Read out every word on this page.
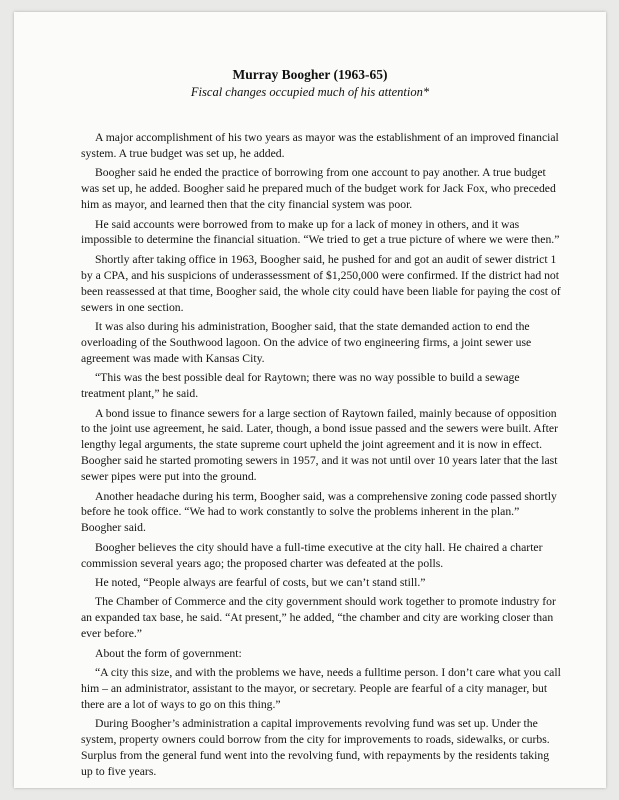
Murray Boogher (1963-65)
Fiscal changes occupied much of his attention*

A major accomplishment of his two years as mayor was the establishment of an improved financial system. A true budget was set up, he added.

Boogher said he ended the practice of borrowing from one account to pay another. A true budget was set up, he added. Boogher said he prepared much of the budget work for Jack Fox, who preceded him as mayor, and learned then that the city financial system was poor.

He said accounts were borrowed from to make up for a lack of money in others, and it was impossible to determine the financial situation. “We tried to get a true picture of where we were then.”

Shortly after taking office in 1963, Boogher said, he pushed for and got an audit of sewer district 1 by a CPA, and his suspicions of underassessment of $1,250,000 were confirmed. If the district had not been reassessed at that time, Boogher said, the whole city could have been liable for paying the cost of sewers in one section.

It was also during his administration, Boogher said, that the state demanded action to end the overloading of the Southwood lagoon. On the advice of two engineering firms, a joint sewer use agreement was made with Kansas City.

“This was the best possible deal for Raytown; there was no way possible to build a sewage treatment plant,” he said.

A bond issue to finance sewers for a large section of Raytown failed, mainly because of opposition to the joint use agreement, he said. Later, though, a bond issue passed and the sewers were built. After lengthy legal arguments, the state supreme court upheld the joint agreement and it is now in effect. Boogher said he started promoting sewers in 1957, and it was not until over 10 years later that the last sewer pipes were put into the ground.

Another headache during his term, Boogher said, was a comprehensive zoning code passed shortly before he took office. “We had to work constantly to solve the problems inherent in the plan.” Boogher said.

Boogher believes the city should have a full-time executive at the city hall. He chaired a charter commission several years ago; the proposed charter was defeated at the polls.

He noted, “People always are fearful of costs, but we can’t stand still.”

The Chamber of Commerce and the city government should work together to promote industry for an expanded tax base, he said. “At present,” he added, “the chamber and city are working closer than ever before.”

About the form of government:

“A city this size, and with the problems we have, needs a fulltime person. I don’t care what you call him – an administrator, assistant to the mayor, or secretary. People are fearful of a city manager, but there are a lot of ways to go on this thing.”

During Boogher’s administration a capital improvements revolving fund was set up. Under the system, property owners could borrow from the city for improvements to roads, sidewalks, or curbs. Surplus from the general fund went into the revolving fund, with repayments by the residents taking up to five years.
